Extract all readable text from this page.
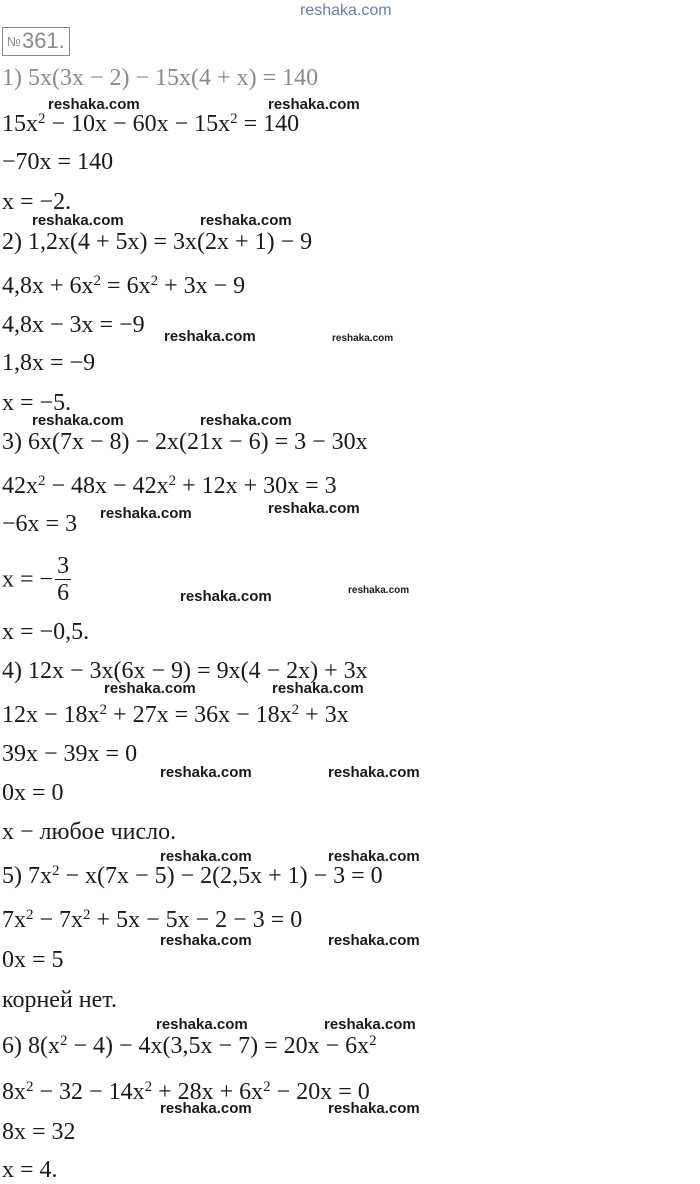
reshaka.com
№361.
1) 5x(3x − 2) − 15x(4 + x) = 140
$15x^2 - 10x - 60x - 15x^2 = 140$
−70x = 140
x = −2.
2) 1,2x(4 + 5x) = 3x(2x + 1) − 9
$4,8x + 6x^2 = 6x^2 + 3x - 9$
4,8x − 3x = −9
1,8x = −9
x = −5.
3) 6x(7x − 8) − 2x(21x − 6) = 3 − 30x
$42x^2 - 48x - 42x^2 + 12x + 30x = 3$
−6x = 3
x = − $\frac{3}{6}$
x = −0,5.
4) 12x − 3x(6x − 9) = 9x(4 − 2x) + 3x
$12x - 18x^2 + 27x = 36x - 18x^2 + 3x$
39x − 39x = 0
0x = 0
x − любое число.
5) $7x^2 - x(7x - 5) - 2(2,5x + 1) - 3 = 0$
$7x^2 - 7x^2 + 5x - 5x - 2 - 3 = 0$
0x = 5
корней нет.
6) $8(x^2 - 4) - 4x(3,5x - 7) = 20x - 6x^2$
$8x^2 - 32 - 14x^2 + 28x + 6x^2 - 20x = 0$
8x = 32
x = 4.
reshaka.com	reshaka.com
reshaka.com	reshaka.com
reshaka.com	reshaka.com
reshaka.com	reshaka.com
reshaka.com	reshaka.com
reshaka.com	reshaka.com
reshaka.com	reshaka.com
reshaka.com	reshaka.com
reshaka.com	reshaka.com
reshaka.com	reshaka.com
reshaka.com	reshaka.com
reshaka.com	reshaka.com
